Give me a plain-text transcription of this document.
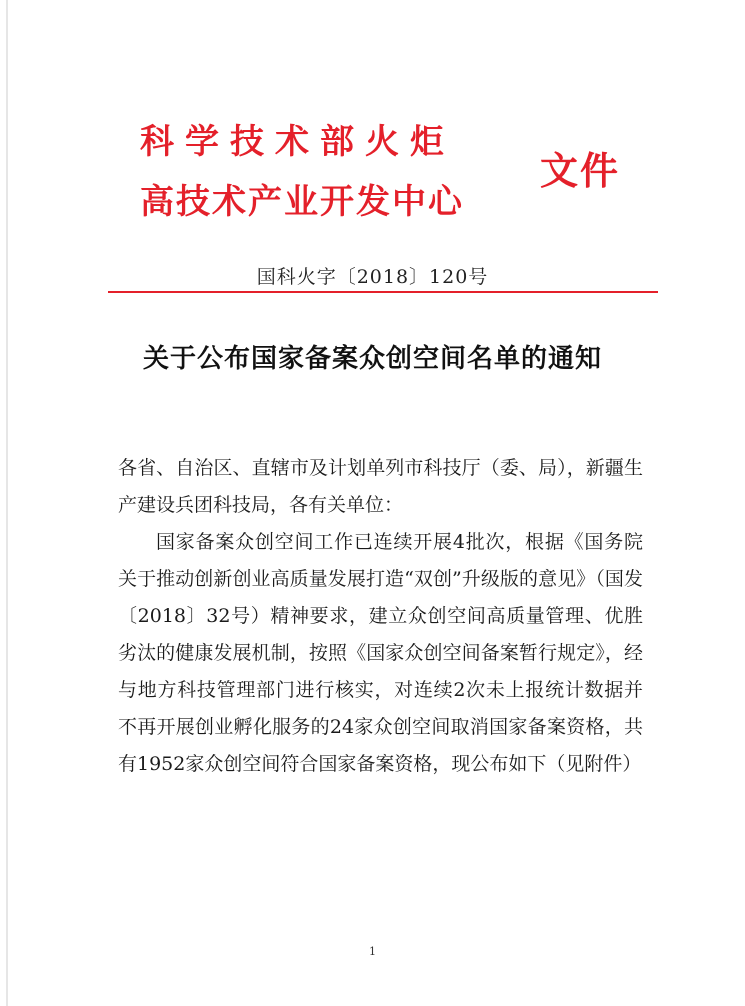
科学技术部火炬
高技术产业开发中心
文件
国科火字〔2018〕120号
关于公布国家备案众创空间名单的通知

各省、自治区、直辖市及计划单列市科技厅（委、局），新疆生产建设兵团科技局，各有关单位：

国家备案众创空间工作已连续开展4批次，根据《国务院关于推动创新创业高质量发展打造“双创”升级版的意见》（国发〔2018〕32号）精神要求，建立众创空间高质量管理、优胜劣汰的健康发展机制，按照《国家众创空间备案暂行规定》，经与地方科技管理部门进行核实，对连续2次未上报统计数据并不再开展创业孵化服务的24家众创空间取消国家备案资格，共有1952家众创空间符合国家备案资格，现公布如下（见附件）

1
